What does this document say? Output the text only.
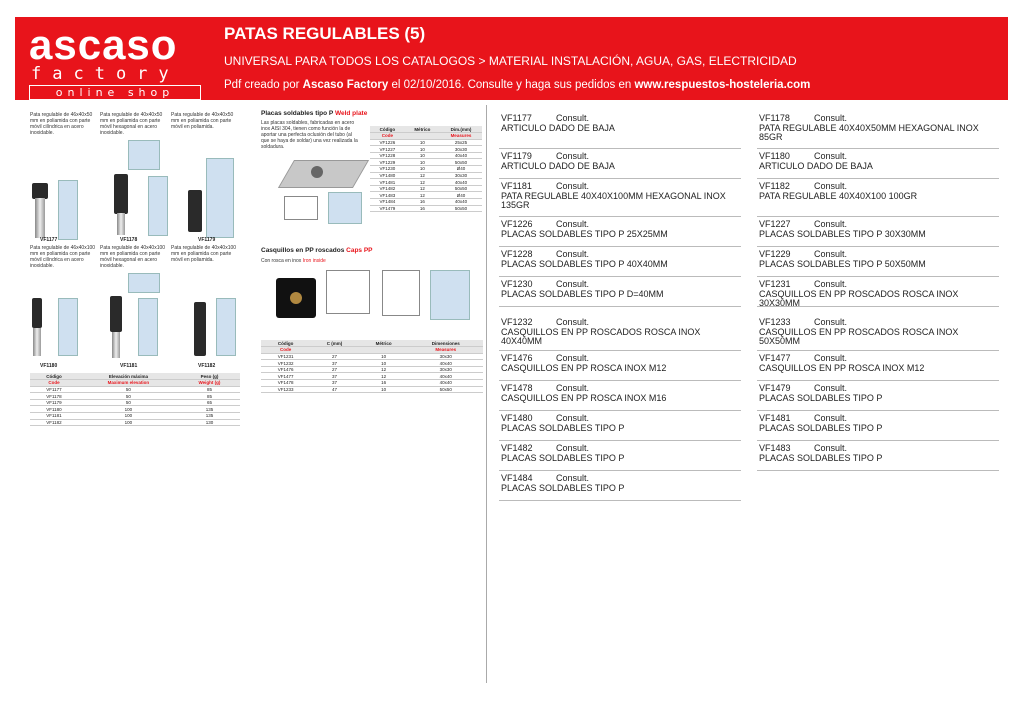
ascaso
factory
online shop
PATAS REGULABLES (5)
UNIVERSAL PARA TODOS LOS CATALOGOS > MATERIAL INSTALACIÓN, AGUA, GAS, ELECTRICIDAD
Pdf creado por Ascaso Factory el 02/10/2016. Consulte y haga sus pedidos en www.respuestos-hosteleria.com
Pata regulable de 46x40x50 mm en poliamida con parte móvil cilíndrica en acero inoxidable.
Pata regulable de 40x40x50 mm en poliamida con parte móvil hexagonal en acero inoxidable.
Pata regulable de 40x40x50 mm en poliamida con parte móvil en poliamida.
VF1177	VF1178	VF1179
Pata regulable de 46x40x100 mm en poliamida con parte móvil cilíndrica en acero inoxidable.
Pata regulable de 40x40x100 mm en poliamida con parte móvil hexagonal en acero inoxidable.
Pata regulable de 40x40x100 mm en poliamida con parte móvil en poliamida.
VF1180	VF1181	VF1182
Código	Elevación máxima	Peso (g)
Code	Maximum elevation	Weight (g)
VF1177	50	85
VF1178	50	85
VF1179	50	65
VF1180	100	135
VF1181	100	135
VF1182	100	130
Placas soldables tipo P Weld plate
Las placas soldables, fabricadas en acero inox AISI 304, tienen como función la de aportar una perfecta oclusión del tubo (al que se haya de soldar) una vez realizada la soldadura.
Código	Métrico	Dim.(mm)
Code		Measures
VF1226	10	25x25
VF1227	10	30x30
VF1228	10	40x40
VF1229	10	50x50
VF1230	10	Ø40
VF1480	12	30x30
VF1481	12	40x40
VF1482	12	50x50
VF1483	12	Ø40
VF1484	16	40x40
VF1479	16	50x50
Casquillos en PP roscados Caps PP
Con rosca en inox Iron inside
Código	C (mm)	Métrico	Dimensiones
Code			Measures
VF1231	27	10	30x30
VF1232	37	10	40x40
VF1476	27	12	30x30
VF1477	37	12	40x40
VF1478	37	16	40x40
VF1233	47	10	50x50
VF1177	Consult.
ARTICULO DADO DE BAJA
VF1178	Consult.
PATA REGULABLE 40X40X50MM HEXAGONAL INOX 85GR
VF1179	Consult.
ARTICULO DADO DE BAJA
VF1180	Consult.
ARTICULO DADO DE BAJA
VF1181	Consult.
PATA REGULABLE 40X40X100MM HEXAGONAL INOX 135GR
VF1182	Consult.
PATA REGULABLE 40X40X100 100GR
VF1226	Consult.
PLACAS SOLDABLES TIPO P 25X25MM
VF1227	Consult.
PLACAS SOLDABLES TIPO P 30X30MM
VF1228	Consult.
PLACAS SOLDABLES TIPO P 40X40MM
VF1229	Consult.
PLACAS SOLDABLES TIPO P 50X50MM
VF1230	Consult.
PLACAS SOLDABLES TIPO P D=40MM
VF1231	Consult.
CASQUILLOS EN PP ROSCADOS ROSCA INOX 30X30MM
VF1232	Consult.
CASQUILLOS EN PP ROSCADOS ROSCA INOX 40X40MM
VF1233	Consult.
CASQUILLOS EN PP ROSCADOS ROSCA INOX 50X50MM
VF1476	Consult.
CASQUILLOS EN PP ROSCA INOX M12
VF1477	Consult.
CASQUILLOS EN PP ROSCA INOX M12
VF1478	Consult.
CASQUILLOS EN PP ROSCA INOX M16
VF1479	Consult.
PLACAS SOLDABLES TIPO P
VF1480	Consult.
PLACAS SOLDABLES TIPO P
VF1481	Consult.
PLACAS SOLDABLES TIPO P
VF1482	Consult.
PLACAS SOLDABLES TIPO P
VF1483	Consult.
PLACAS SOLDABLES TIPO P
VF1484	Consult.
PLACAS SOLDABLES TIPO P
